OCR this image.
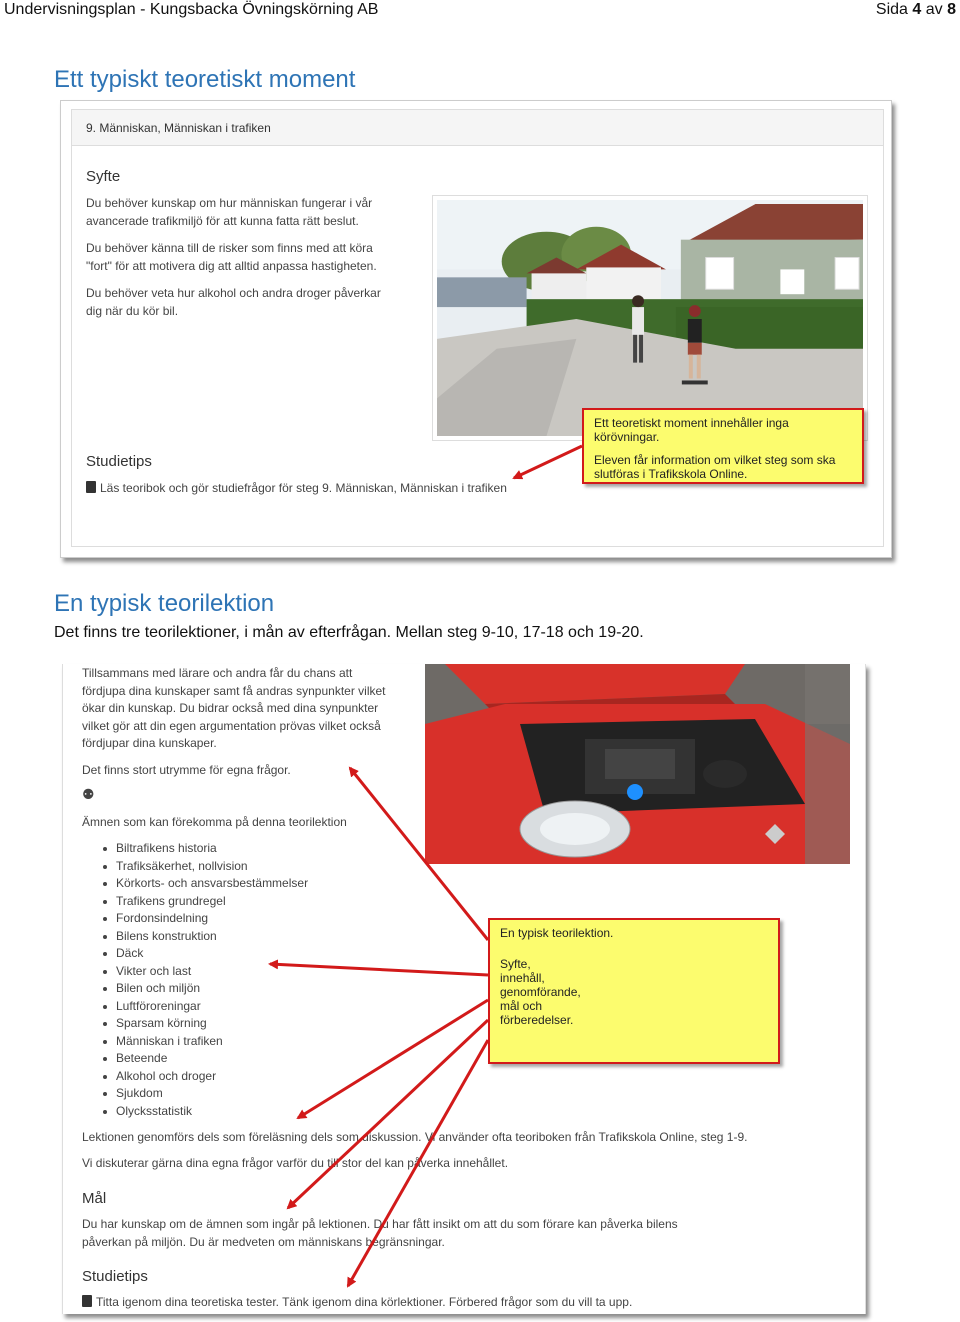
Undervisningsplan - Kungsbacka Övningskörning AB	Sida 4 av 8
Ett typiskt teoretiskt moment
9. Människan, Människan i trafiken
Syfte
Du behöver kunskap om hur människan fungerar i vår
avancerade trafikmiljö för att kunna fatta rätt beslut.
Du behöver känna till de risker som finns med att köra
"fort" för att motivera dig att alltid anpassa hastigheten.
Du behöver veta hur alkohol och andra droger påverkar
dig när du kör bil.
Ett teoretiskt moment innehåller inga körövningar.
Eleven får information om vilket steg som ska
slutföras i Trafikskola Online.
Studietips
Läs teoribok och gör studiefrågor för steg 9. Människan, Människan i trafiken
En typisk teorilektion
Det finns tre teorilektioner, i mån av efterfrågan. Mellan steg 9-10, 17-18 och 19-20.
Tillsammans med lärare och andra får du chans att
fördjupa dina kunskaper samt få andras synpunkter vilket
ökar din kunskap. Du bidrar också med dina synpunkter
vilket gör att din egen argumentation prövas vilket också
fördjupar dina kunskaper.
Det finns stort utrymme för egna frågor.
⚉
Ämnen som kan förekomma på denna teorilektion
Biltrafikens historia
Trafiksäkerhet, nollvision
Körkorts- och ansvarsbestämmelser
Trafikens grundregel
Fordonsindelning
Bilens konstruktion
Däck
Vikter och last
Bilen och miljön
Luftföroreningar
Sparsam körning
Människan i trafiken
Beteende
Alkohol och droger
Sjukdom
Olycksstatistik
En typisk teorilektion.
Syfte,
innehåll,
genomförande,
mål och
förberedelser.
Lektionen genomförs dels som föreläsning dels som diskussion. Vi använder ofta teoriboken från Trafikskola Online, steg 1-9.
Vi diskuterar gärna dina egna frågor varför du till stor del kan påverka innehållet.
Mål
Du har kunskap om de ämnen som ingår på lektionen. Du har fått insikt om att du som förare kan påverka bilens
påverkan på miljön. Du är medveten om människans begränsningar.
Studietips
Titta igenom dina teoretiska tester. Tänk igenom dina körlektioner. Förbered frågor som du vill ta upp.
